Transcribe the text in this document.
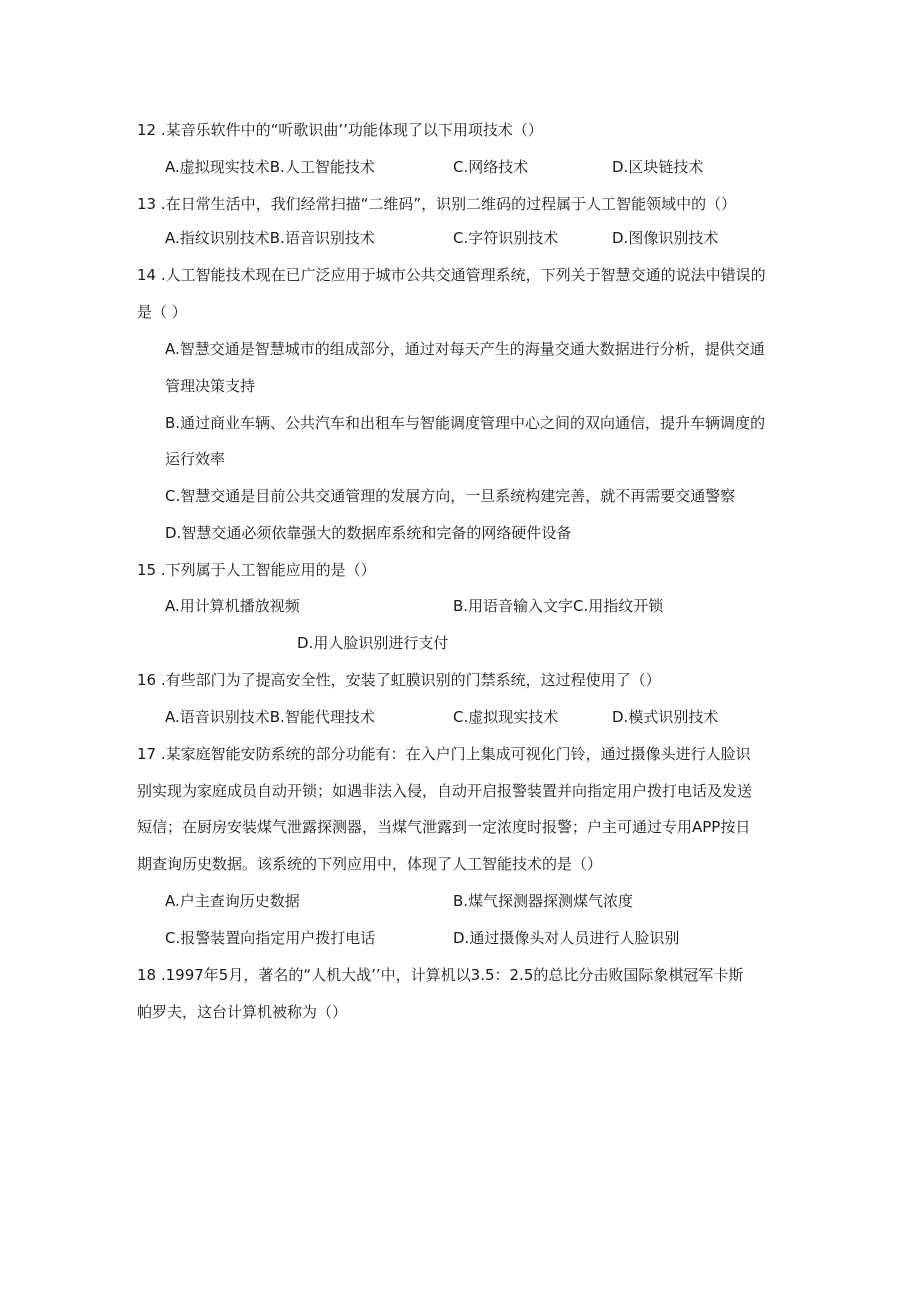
12 .某音乐软件中的“听歌识曲’’功能体现了以下用项技术（）
A.虚拟现实技术B.人工智能技术	C.网络技术	D.区块链技术
13 .在日常生活中，我们经常扫描“二维码”，识别二维码的过程属于人工智能领域中的（）
A.指纹识别技术B.语音识别技术	C.字符识别技术	D.图像识别技术
14 .人工智能技术现在已广泛应用于城市公共交通管理系统，下列关于智慧交通的说法中错误的
是（ ）
A.智慧交通是智慧城市的组成部分，通过对每天产生的海量交通大数据进行分析，提供交通
管理决策支持
B.通过商业车辆、公共汽车和出租车与智能调度管理中心之间的双向通信，提升车辆调度的
运行效率
C.智慧交通是目前公共交通管理的发展方向，一旦系统构建完善，就不再需要交通警察
D.智慧交通必须依靠强大的数据库系统和完备的网络硬件设备
15 .下列属于人工智能应用的是（）
A.用计算机播放视频	B.用语音输入文字C.用指纹开锁
D.用人脸识别进行支付
16 .有些部门为了提高安全性，安装了虹膜识别的门禁系统，这过程使用了（）
A.语音识别技术B.智能代理技术	C.虚拟现实技术	D.模式识别技术
17 .某家庭智能安防系统的部分功能有：在入户门上集成可视化门铃，通过摄像头进行人脸识
别实现为家庭成员自动开锁；如遇非法入侵，自动开启报警装置并向指定用户拨打电话及发送
短信；在厨房安装煤气泄露探测器，当煤气泄露到一定浓度时报警；户主可通过专用APP按日
期查询历史数据。该系统的下列应用中，体现了人工智能技术的是（）
A.户主查询历史数据	B.煤气探测器探测煤气浓度
C.报警装置向指定用户拨打电话	D.通过摄像头对人员进行人脸识别
18 .1997年5月，著名的“人机大战’’中，计算机以3.5：2.5的总比分击败国际象棋冠军卡斯
帕罗夫，这台计算机被称为（）
